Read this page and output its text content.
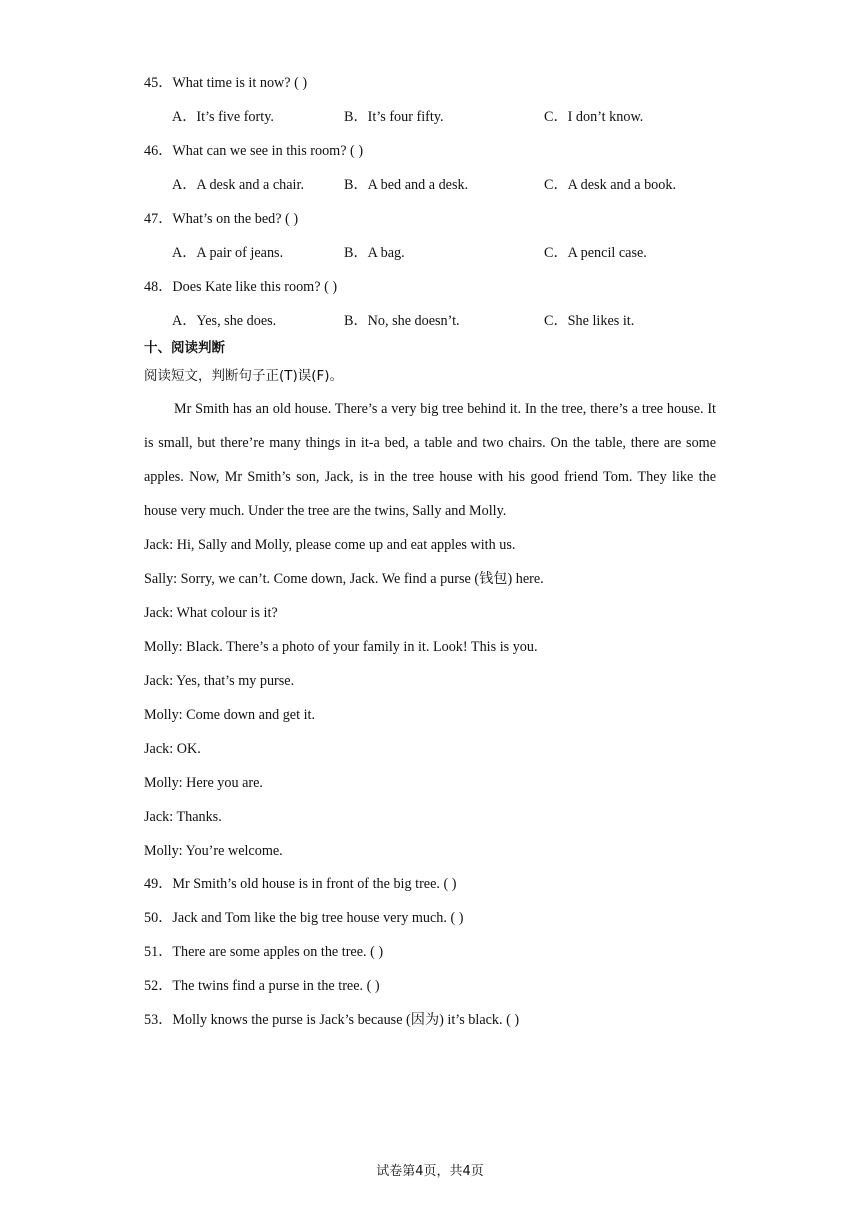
45．What time is it now? ( )
A．It’s five forty.	B．It’s four fifty.	C．I don’t know.
46．What can we see in this room? ( )
A．A desk and a chair.	B．A bed and a desk.	C．A desk and a book.
47．What’s on the bed? ( )
A．A pair of jeans.	B．A bag.	C．A pencil case.
48．Does Kate like this room? ( )
A．Yes, she does.	B．No, she doesn’t.	C．She likes it.
十、阅读判断
阅读短文，判断句子正(T)误(F)。
Mr Smith has an old house. There’s a very big tree behind it. In the tree, there’s a tree house. It is small, but there’re many things in it-a bed, a table and two chairs. On the table, there are some apples. Now, Mr Smith’s son, Jack, is in the tree house with his good friend Tom. They like the house very much. Under the tree are the twins, Sally and Molly.
Jack: Hi, Sally and Molly, please come up and eat apples with us.
Sally: Sorry, we can’t. Come down, Jack. We find a purse (钱包) here.
Jack: What colour is it?
Molly: Black. There’s a photo of your family in it. Look! This is you.
Jack: Yes, that’s my purse.
Molly: Come down and get it.
Jack: OK.
Molly: Here you are.
Jack: Thanks.
Molly: You’re welcome.
49．Mr Smith’s old house is in front of the big tree. ( )
50．Jack and Tom like the big tree house very much. ( )
51．There are some apples on the tree. ( )
52．The twins find a purse in the tree. ( )
53．Molly knows the purse is Jack’s because (因为) it’s black. ( )
试卷第4页，共4页
